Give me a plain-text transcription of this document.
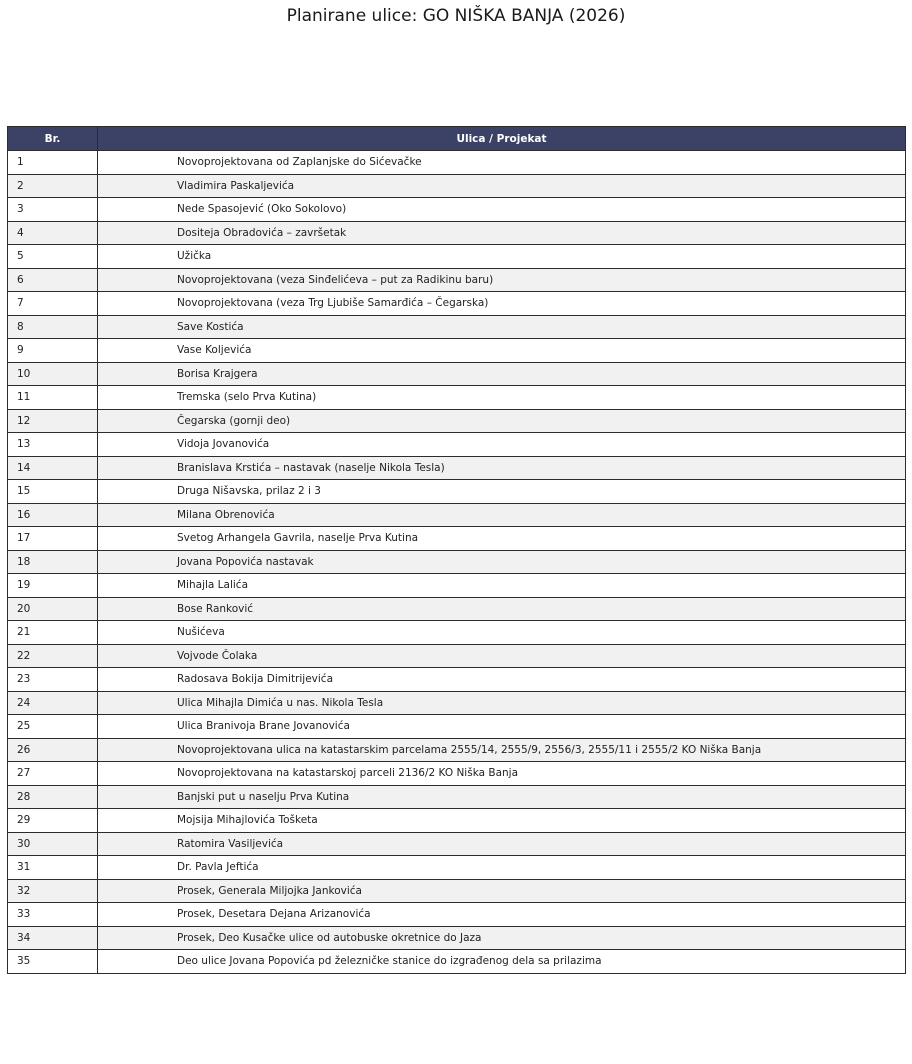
Planirane ulice: GO NIŠKA BANJA (2026)
Br.	Ulica / Projekat
1	Novoprojektovana od Zaplanjske do Sićevačke
2	Vladimira Paskaljevića
3	Nede Spasojević (Oko Sokolovo)
4	Dositeja Obradovića – završetak
5	Užička
6	Novoprojektovana (veza Sinđelićeva – put za Radikinu baru)
7	Novoprojektovana (veza Trg Ljubiše Samarđića – Čegarska)
8	Save Kostića
9	Vase Koljevića
10	Borisa Krajgera
11	Tremska (selo Prva Kutina)
12	Čegarska (gornji deo)
13	Vidoja Jovanovića
14	Branislava Krstića – nastavak (naselje Nikola Tesla)
15	Druga Nišavska, prilaz 2 i 3
16	Milana Obrenovića
17	Svetog Arhangela Gavrila, naselje Prva Kutina
18	Jovana Popovića nastavak
19	Mihajla Lalića
20	Bose Ranković
21	Nušićeva
22	Vojvode Čolaka
23	Radosava Bokija Dimitrijevića
24	Ulica Mihajla Dimića u nas. Nikola Tesla
25	Ulica Branivoja Brane Jovanovića
26	Novoprojektovana ulica na katastarskim parcelama 2555/14, 2555/9, 2556/3, 2555/11 i 2555/2 KO Niška Banja
27	Novoprojektovana na katastarskoj parceli 2136/2 KO Niška Banja
28	Banjski put u naselju Prva Kutina
29	Mojsija Mihajlovića Tošketa
30	Ratomira Vasiljevića
31	Dr. Pavla Jeftića
32	Prosek, Generala Miljojka Jankovića
33	Prosek, Desetara Dejana Arizanovića
34	Prosek, Deo Kusačke ulice od autobuske okretnice do Jaza
35	Deo ulice Jovana Popovića pd železničke stanice do izgrađenog dela sa prilazima
